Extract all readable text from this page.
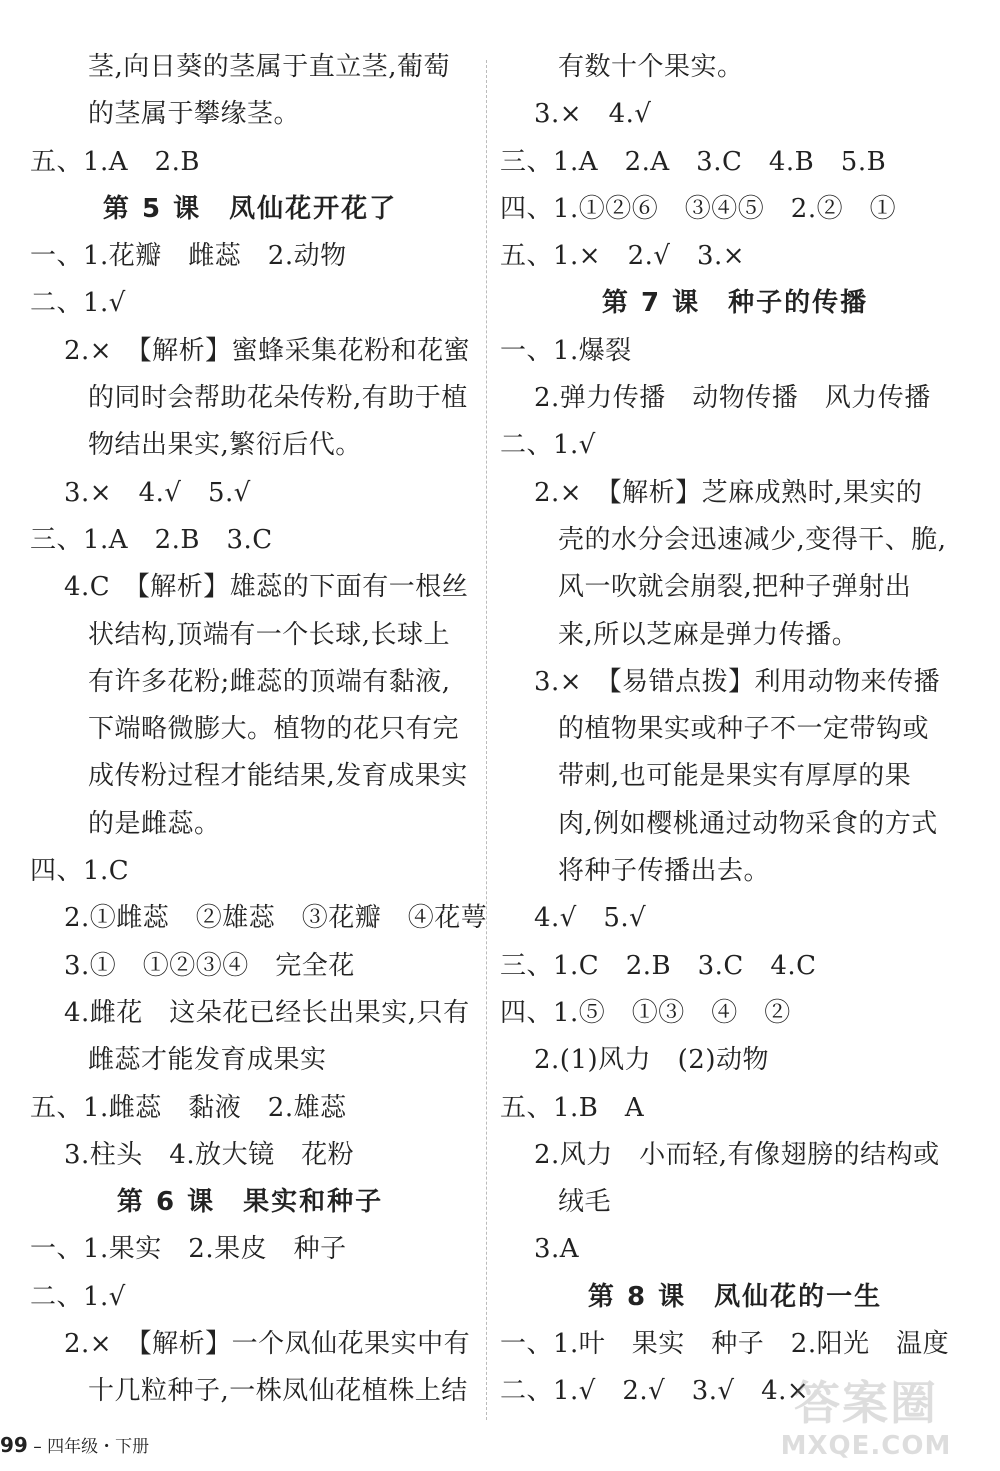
茎,向日葵的茎属于直立茎,葡萄
的茎属于攀缘茎。
五、1.A　2.B
第 5 课　凤仙花开花了
一、1.花瓣　雌蕊　2.动物
二、1.√
2.×　【解析】蜜蜂采集花粉和花蜜
的同时会帮助花朵传粉,有助于植
物结出果实,繁衍后代。
3.×　4.√　5.√
三、1.A　2.B　3.C
4.C　【解析】雄蕊的下面有一根丝
状结构,顶端有一个长球,长球上
有许多花粉;雌蕊的顶端有黏液,
下端略微膨大。植物的花只有完
成传粉过程才能结果,发育成果实
的是雌蕊。
四、1.C
2.①雌蕊　②雄蕊　③花瓣　④花萼
3.①　①②③④　完全花
4.雌花　这朵花已经长出果实,只有
雌蕊才能发育成果实
五、1.雌蕊　黏液　2.雄蕊
3.柱头　4.放大镜　花粉
第 6 课　果实和种子
一、1.果实　2.果皮　种子
二、1.√
2.×　【解析】一个凤仙花果实中有
十几粒种子,一株凤仙花植株上结
有数十个果实。
3.×　4.√
三、1.A　2.A　3.C　4.B　5.B
四、1.①②⑥　③④⑤　2.②　①
五、1.×　2.√　3.×
第 7 课　种子的传播
一、1.爆裂
2.弹力传播　动物传播　风力传播
二、1.√
2.×　【解析】芝麻成熟时,果实的
壳的水分会迅速减少,变得干、脆,
风一吹就会崩裂,把种子弹射出
来,所以芝麻是弹力传播。
3.×　【易错点拨】利用动物来传播
的植物果实或种子不一定带钩或
带刺,也可能是果实有厚厚的果
肉,例如樱桃通过动物采食的方式
将种子传播出去。
4.√　5.√
三、1.C　2.B　3.C　4.C
四、1.⑤　①③　④　②
2.(1)风力　(2)动物
五、1.B　A
2.风力　小而轻,有像翅膀的结构或
绒毛
3.A
第 8 课　凤仙花的一生
一、1.叶　果实　种子　2.阳光　温度
二、1.√　2.√　3.√　4.×
99 – 四年级・下册
答案圈
MXQE.COM
